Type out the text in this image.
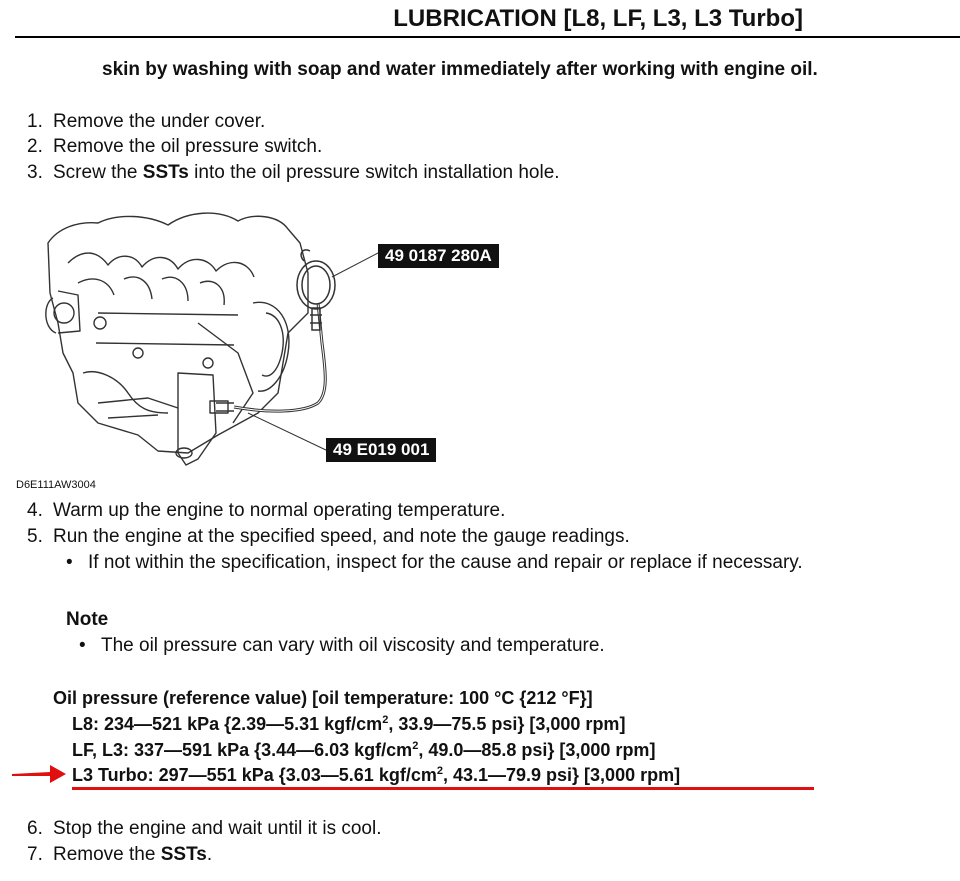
LUBRICATION [L8, LF, L3, L3 Turbo]
skin by washing with soap and water immediately after working with engine oil.
1. Remove the under cover.
2. Remove the oil pressure switch.
3. Screw the SSTs into the oil pressure switch installation hole.
49 0187 280A
49 E019 001
D6E111AW3004
4. Warm up the engine to normal operating temperature.
5. Run the engine at the specified speed, and note the gauge readings.
• If not within the specification, inspect for the cause and repair or replace if necessary.
Note
• The oil pressure can vary with oil viscosity and temperature.
Oil pressure (reference value) [oil temperature: 100 °C {212 °F}]
L8: 234—521 kPa {2.39—5.31 kgf/$cm^2$, 33.9—75.5 psi} [3,000 rpm]
LF, L3: 337—591 kPa {3.44—6.03 kgf/$cm^2$, 49.0—85.8 psi} [3,000 rpm]
L3 Turbo: 297—551 kPa {3.03—5.61 kgf/$cm^2$, 43.1—79.9 psi} [3,000 rpm]
6. Stop the engine and wait until it is cool.
7. Remove the SSTs.
